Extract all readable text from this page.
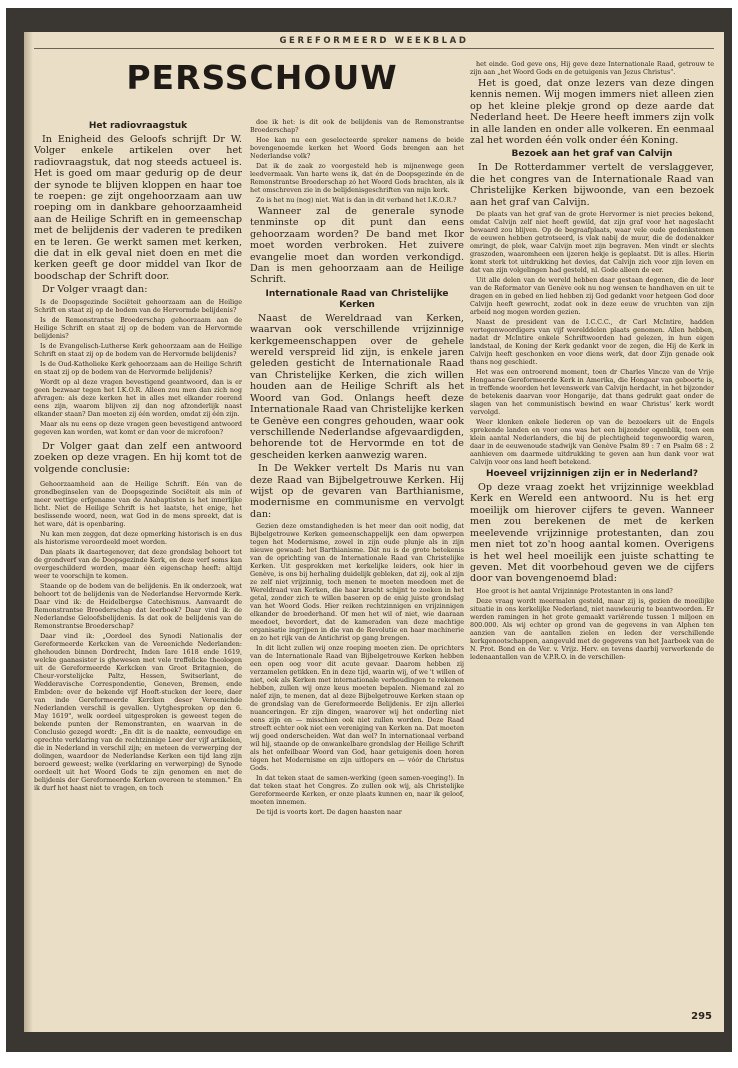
GEREFORMEERD WEEKBLAD
PERSSCHOUW

Het radiovraagstuk

In Enigheid des Geloofs schrijft Dr W. Volger enkele artikelen over het radiovraagstuk, dat nog steeds actueel is. Het is goed om maar gedurig op de deur der synode te blijven kloppen en haar toe te roepen: ge zijt ongehoorzaam aan uw roeping om in dankbare gehoorzaamheid aan de Heilige Schrift en in gemeenschap met de belijdenis der vaderen te prediken en te leren. Ge werkt samen met kerken, die dat in elk geval niet doen en met die kerken geeft ge door middel van Ikor de boodschap der Schrift door.

Dr Volger vraagt dan:

Is de Doopsgezinde Sociëteit gehoorzaam aan de Heilige Schrift en staat zij op de bodem van de Hervormde belijdenis?

Is de Remonstrantse Broederschap gehoorzaam aan de Heilige Schrift en staat zij op de bodem van de Hervormde belijdenis?

Is de Evangelisch-Lutherse Kerk gehoorzaam aan de Heilige Schrift en staat zij op de bodem van de Hervormde belijdenis?

Is de Oud-Katholieke Kerk gehoorzaam aan de Heilige Schrift en staat zij op de bodem van de Hervormde belijdenis?

Wordt op al deze vragen bevestigend geantwoord, dan is er geen bezwaar tegen het I.K.O.R. Alleen zou men dan zich nog afvragen: als deze kerken het in alles met elkander roerend eens zijn, waarom blijven zij dan nog afzonderlijk naast elkander staan? Dan moeten zij één worden, omdat zij één zijn.

Maar als nu eens op deze vragen geen bevestigend antwoord gegeven kan worden, wat komt er dan voor de microfoon?

Dr Volger gaat dan zelf een antwoord zoeken op deze vragen. En hij komt tot de volgende conclusie:

Gehoorzaamheid aan de Heilige Schrift. Eén van de grondbeginselen van de Doopsgezinde Sociëteit als min of meer wettige erfgename van de Anabaptisten is het innerlijke licht. Niet de Heilige Schrift is het laatste, het enige, het beslissende woord, neen, wat God in de mens spreekt, dat is het ware, dát is openbaring.

Nu kan men zeggen, dat deze opmerking historisch is en dus als historisme veroordeeld moet worden.

Dan plaats ik daartegenover, dat deze grondslag behoort tot de grondverf van de Doopsgezinde Kerk, en deze verf soms kan overgeschilderd worden, maar één eigenschap heeft: altijd weer te voorschijn te komen.

Staande op de bodem van de belijdenis. En ik onderzoek, wat behoort tot de belijdenis van de Nederlandse Hervormde Kerk. Daar vind ik: de Heidelbergse Catechismus. Aanvaardt de Remonstrantse Broederschap dat leerboek? Daar vind ik: de Nederlandse Geloofsbelijdenis. Is dat ook de belijdenis van de Remonstrantse Broederschap?

Daar vind ik: „Oordeel des Synodi Nationalis der Gereformeerde Kerkcken van de Vereenichde Nederlanden: ghehouden binnen Dordrecht, Inden Iare 1618 ende 1619, welcke gaanasister is ghewesen met vele treffelicke theologen uit de Gereformeerde Kerkcken van Groot Britagnien, de Cheur-vorstelijcke Paltz, Hessen, Switserlant, de Wedderavische Correspondentie, Geneven, Bremen, ende Embden: over de bekende vijf Hooft-stucken der leere, daer van inde Gereformeerde Kercken deser Vereenichde Nederlanden verschil is gevallen. Uytghesproken op den 6. May 1619", welk oordeel uitgesproken is geweest tegen de bekende punten der Remonstranten, en waarvan in de Conclusio gezegd wordt: „En dit is de naakte, eenvoudige en oprechte verklaring van de rechtzinnige Leer der vijf artikelen, die in Nederland in verschil zijn; en meteen de verwerping der dolingen, waardoor de Nederlandse Kerken een tijd lang zijn beroerd geweest; welke (verklaring en verwerping) de Synode oordeelt uit het Woord Gods te zijn genomen en met de belijdenis der Gereformeerde Kerken overeen te stemmen." En ik durf het haast niet te vragen, en toch

doe ik het: is dit ook de belijdenis van de Remonstrantse Broederschap?

Hoe kan nu een geselecteerde spreker namens de beide bovengenoemde kerken het Woord Gods brengen aan het Nederlandse volk?

Dat ik de zaak zo voorgesteld heb is mijnenwege geen leedvermaak. Van harte wens ik, dat én de Doopsgezinde én de Remonstrantse Broederschap zó het Woord Gods brachten, als ik het omschreven zie in de belijdenisgeschriften van mijn kerk.

Zo is het nu (nog) niet. Wat is dan in dit verband het I.K.O.R.?

Wanneer zal de generale synode tenminste op dit punt dan eens gehoorzaam worden? De band met Ikor moet worden verbroken. Het zuivere evangelie moet dan worden verkondigd. Dan is men gehoorzaam aan de Heilige Schrift.

Internationale Raad van Christelijke Kerken

Naast de Wereldraad van Kerken, waarvan ook verschillende vrijzinnige kerkgemeenschappen over de gehele wereld verspreid lid zijn, is enkele jaren geleden gesticht de Internationale Raad van Christelijke Kerken, die zich willen houden aan de Heilige Schrift als het Woord van God. Onlangs heeft deze Internationale Raad van Christelijke kerken te Genève een congres gehouden, waar ook verschillende Nederlandse afgevaardigden, behorende tot de Hervormde en tot de gescheiden kerken aanwezig waren.

In De Wekker vertelt Ds Maris nu van deze Raad van Bijbelgetrouwe Kerken. Hij wijst op de gevaren van Barthianisme, modernisme en communisme en vervolgt dan:

Gezien deze omstandigheden is het meer dan ooit nodig, dat Bijbelgetrouwe Kerken gemeenschappelijk een dam opwerpen tegen het Modernisme, zowel in zijn oude plunje als in zijn nieuwe gewaad: het Barthianisme. Dát nu is de grote betekenis van de oprichting van de Internationale Raad van Christelijke Kerken. Uit gesprekken met kerkelijke leiders, ook hier in Genève, is ons bij herhaling duidelijk gebleken, dat zij, ook al zijn ze zelf niet vrijzinnig, toch menen te moeten meedoen met de Wereldraad van Kerken, die haar kracht schijnt te zoeken in het getal, zonder zich te willen baseren op de enig juiste grondslag van het Woord Gods. Hier reiken rechtzinnigen en vrijzinnigen elkander de broederhand. Of men het wil of niet, wie daaraan meedoet, bevordert, dat de kameraden van deze machtige organisatie ingrijpen in die van de Revolutie en haar machinerie en zo het rijk van de Antichrist op gang brengen.

In dit licht zullen wij onze roeping moeten zien. De oprichters van de Internationale Raad van Bijbelgetrouwe Kerken hebben een open oog voor dit acute gevaar. Daarom hebben zij verzamelen getikken. En in deze tijd, waarin wij, of we 't willen of niet, ook als Kerken met internationale verhoudingen te rekenen hebben, zullen wij onze keus moeten bepalen. Niemand zal zo naïef zijn, te menen, dat al deze Bijbelgetrouwe Kerken staan op de grondslag van de Gereformeerde Belijdenis. Er zijn allerlei nuanceringen. Er zijn dingen, waarover wij het onderling niet eens zijn en — misschien ook niet zullen worden. Deze Raad streeft echter ook niet een vereniging van Kerken na. Dat moeten wij goed onderscheiden. Wat dan wel? In internationaal verband wil hij, staande op de onwankelbare grondslag der Heilige Schrift als het onfeilbaar Woord van God, haar getuigenis doen horen tégen het Modernisme en zijn uitlopers en — vóór de Christus Gods.

In dat teken staat de samen-werking (geen samen-voeging!). In dat teken staat het Congres. Zo zullen ook wij, als Christelijke Gereformeerde Kerken, er onze plaats kunnen en, naar ik geloof, moeten innemen.

De tijd is voorts kort. De dagen haasten naar

het einde. God geve ons, Hij geve deze Internationale Raad, getrouw te zijn aan „het Woord Gods en de getuigenis van Jezus Christus".

Het is goed, dat onze lezers van deze dingen kennis nemen. Wij mogen immers niet alleen zien op het kleine plekje grond op deze aarde dat Nederland heet. De Heere heeft immers zijn volk in alle landen en onder alle volkeren. En eenmaal zal het worden één volk onder één Koning.

Bezoek aan het graf van Calvijn

In De Rotterdammer vertelt de verslaggever, die het congres van de Internationale Raad van Christelijke Kerken bijwoonde, van een bezoek aan het graf van Calvijn.

De plaats van het graf van de grote Hervormer is niet precies bekend, omdat Calvijn zelf niet heeft gewild, dat zijn graf voor het nageslacht bewaard zou blijven. Op de begraafplaats, waar vele oude gedenkstenen de eeuwen hebben getrotseerd, is vlak nabij de muur, die de dodenakker omringt, de plek, waar Calvijn moet zijn begraven. Men vindt er slechts graszoden, waaromheen een ijzeren hekje is geplaatst. Dit is alles. Hierin komt sterk tot uitdrukking het devies, dat Calvijn zich voor zijn leven en dat van zijn volgelingen had gesteld, nl. Gode alleen de eer.

Uit alle delen van de wereld hebben daar gestaan degenen, die de leer van de Reformator van Genève ook nu nog wensen te handhaven en uit te dragen en in gebed en lied hebben zij God gedankt voor hetgeen God door Calvijn heeft gewrocht, zodat ook in deze eeuw de vruchten van zijn arbeid nog mogen worden gezien.

Naast de president van de I.C.C.C., dr Carl McIntire, hadden vertegenwoordigers van vijf werelddelen plaats genomen. Allen hebben, nadat dr McIntire enkele Schriftwoorden had gelezen, in hun eigen landstaal, de Koning der Kerk gedankt voor de zegen, die Hij de Kerk in Calvijn heeft geschonken en voor diens werk, dat door Zijn genade ook thans nog geschiedt.

Het was een ontroerend moment, toen dr Charles Vincze van de Vrije Hongaarse Gereformeerde Kerk in Amerika, die Hongaar van geboorte is, in treffende woorden het levenswerk van Calvijn herdacht, in het bijzonder de betekenis daarvan voor Hongarije, dat thans gedrukt gaat onder de slagen van het communistisch bewind en waar Christus' kerk wordt vervolgd.

Weer klonken enkele liederen op van de bezoekers uit de Engels sprekende landen en voor ons was het een bijzonder ogenblik, toen een klein aantal Nederlanders, die bij de plechtigheid tegenwoordig waren, daar in de eeuwenoude stadwijk van Genève Psalm 89 : 7 en Psalm 68 : 2 aanhieven om daarmede uitdrukking te geven aan hun dank voor wat Calvijn voor ons land heeft betekend.

Hoeveel vrijzinnigen zijn er in Nederland?

Op deze vraag zoekt het vrijzinnige weekblad Kerk en Wereld een antwoord. Nu is het erg moeilijk om hierover cijfers te geven. Wanneer men zou berekenen de met de kerken meelevende vrijzinnige protestanten, dan zou men niet tot zo'n hoog aantal komen. Overigens is het wel heel moeilijk een juiste schatting te geven. Met dit voorbehoud geven we de cijfers door van bovengenoemd blad:

Hoe groot is het aantal Vrijzinnige Protestanten in ons land?

Deze vraag wordt meermalen gesteld, maar zij is, gezien de moeilijke situatie in ons kerkelijke Nederland, niet nauwkeurig te beantwoorden. Er werden ramingen in het grote gemaakt variërende tussen 1 miljoen en 800.000. Als wij echter op grond van de gegevens in van Alphen ten aanzien van de aantallen zielen en leden der verschillende kerkgenootschappen, aangevuld met de gegevens van het Jaarboek van de N. Prot. Bond en de Ver. v. Vrijz. Herv. en tevens daarbij verwerkende de ledenaantallen van de V.P.R.O. in de verschillen-

295
